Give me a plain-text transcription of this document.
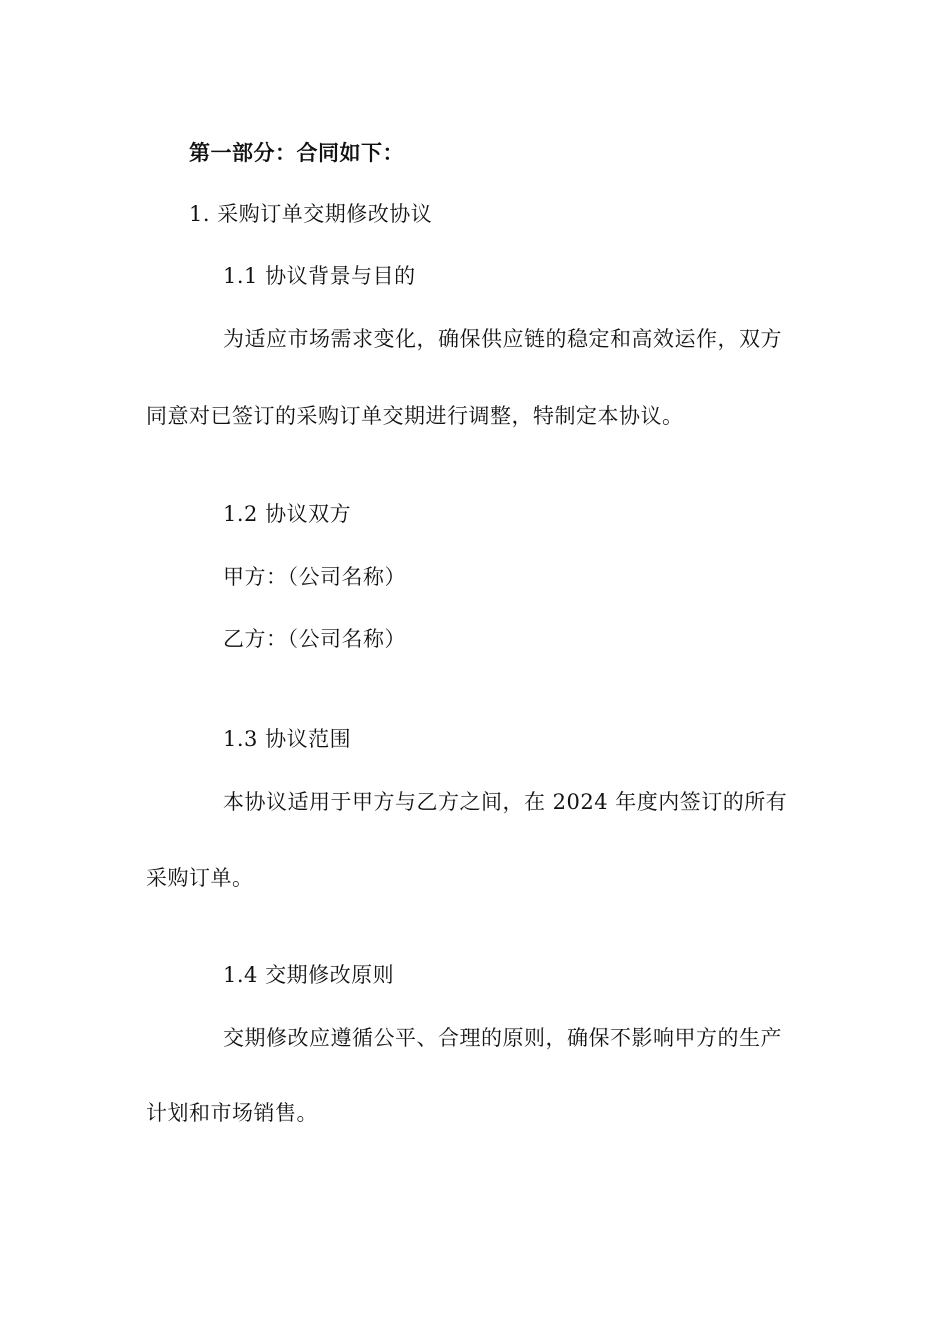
第一部分：合同如下：
1. 采购订单交期修改协议
1.1 协议背景与目的
为适应市场需求变化，确保供应链的稳定和高效运作，双方
同意对已签订的采购订单交期进行调整，特制定本协议。
1.2 协议双方
甲方：（公司名称）
乙方：（公司名称）
1.3 协议范围
本协议适用于甲方与乙方之间，在 2024 年度内签订的所有
采购订单。
1.4 交期修改原则
交期修改应遵循公平、合理的原则，确保不影响甲方的生产
计划和市场销售。
